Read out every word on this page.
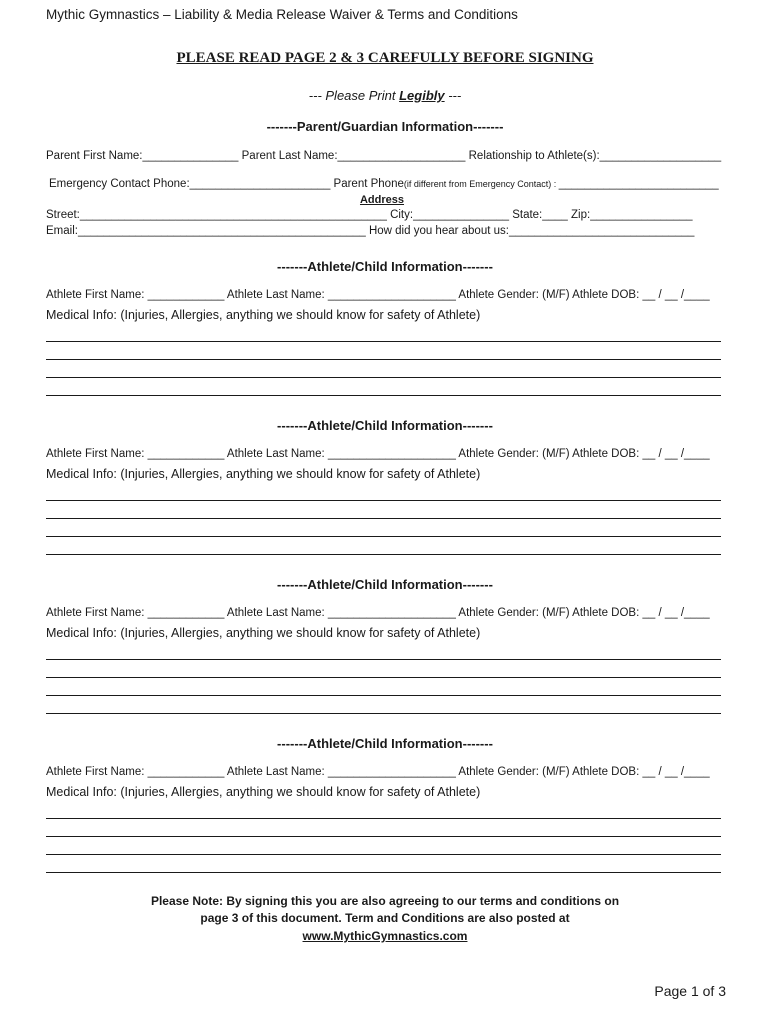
Mythic Gymnastics – Liability & Media Release Waiver & Terms and Conditions
PLEASE READ PAGE 2 & 3 CAREFULLY BEFORE SIGNING
--- Please Print Legibly ---
-------Parent/Guardian Information-------
Parent First Name:_______________ Parent Last Name:____________________ Relationship to Athlete(s):___________________
Emergency Contact Phone:______________________ Parent Phone(if different from Emergency Contact) : _________________________
Address
Street:________________________________________________ City:_______________ State:____ Zip:________________
Email:_____________________________________________ How did you hear about us:_____________________________
-------Athlete/Child Information-------
Athlete First Name: ____________ Athlete Last Name: ____________________ Athlete Gender: (M/F) Athlete DOB: __ / __ /____
Medical Info: (Injuries, Allergies, anything we should know for safety of Athlete)
-------Athlete/Child Information-------
Athlete First Name: ____________ Athlete Last Name: ____________________ Athlete Gender: (M/F) Athlete DOB: __ / __ /____
Medical Info: (Injuries, Allergies, anything we should know for safety of Athlete)
-------Athlete/Child Information-------
Athlete First Name: ____________ Athlete Last Name: ____________________ Athlete Gender: (M/F) Athlete DOB: __ / __ /____
Medical Info: (Injuries, Allergies, anything we should know for safety of Athlete)
-------Athlete/Child Information-------
Athlete First Name: ____________ Athlete Last Name: ____________________ Athlete Gender: (M/F) Athlete DOB: __ / __ /____
Medical Info: (Injuries, Allergies, anything we should know for safety of Athlete)
Please Note: By signing this you are also agreeing to our terms and conditions on
page 3 of this document. Term and Conditions are also posted at
www.MythicGymnastics.com
Page 1 of 3
